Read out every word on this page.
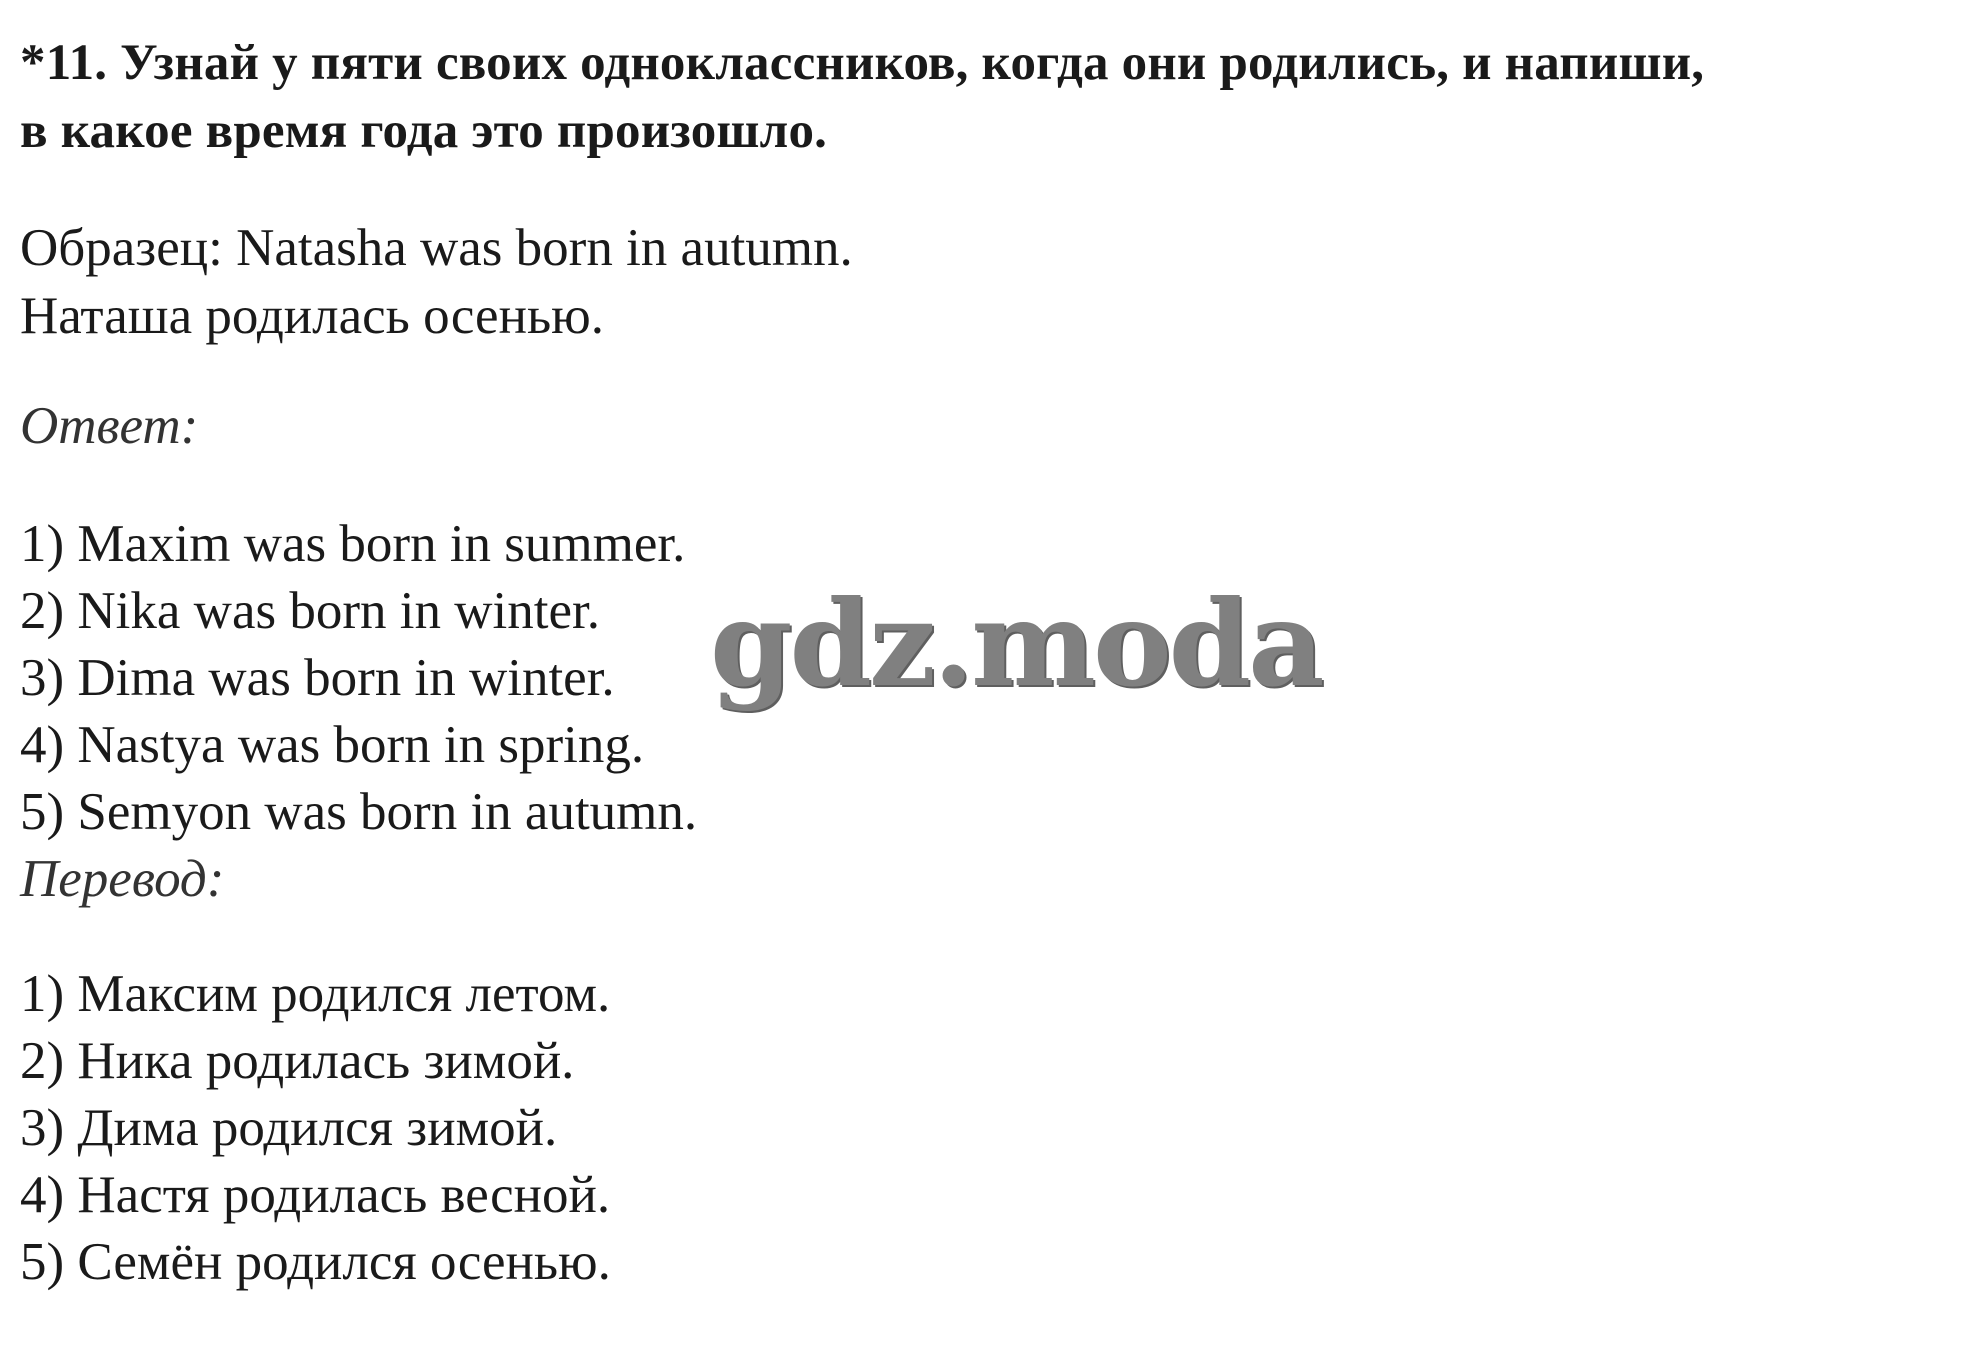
*11. Узнай у пяти своих одноклассников, когда они родились, и напиши,
в какое время года это произошло.
Образец: Natasha was born in autumn.
Наташа родилась осенью.
Ответ:
1) Maxim was born in summer.
2) Nika was born in winter.
3) Dima was born in winter.
4) Nastya was born in spring.
5) Semyon was born in autumn.
Перевод:
1) Максим родился летом.
2) Ника родилась зимой.
3) Дима родился зимой.
4) Настя родилась весной.
5) Семён родился осенью.
gdz.moda
